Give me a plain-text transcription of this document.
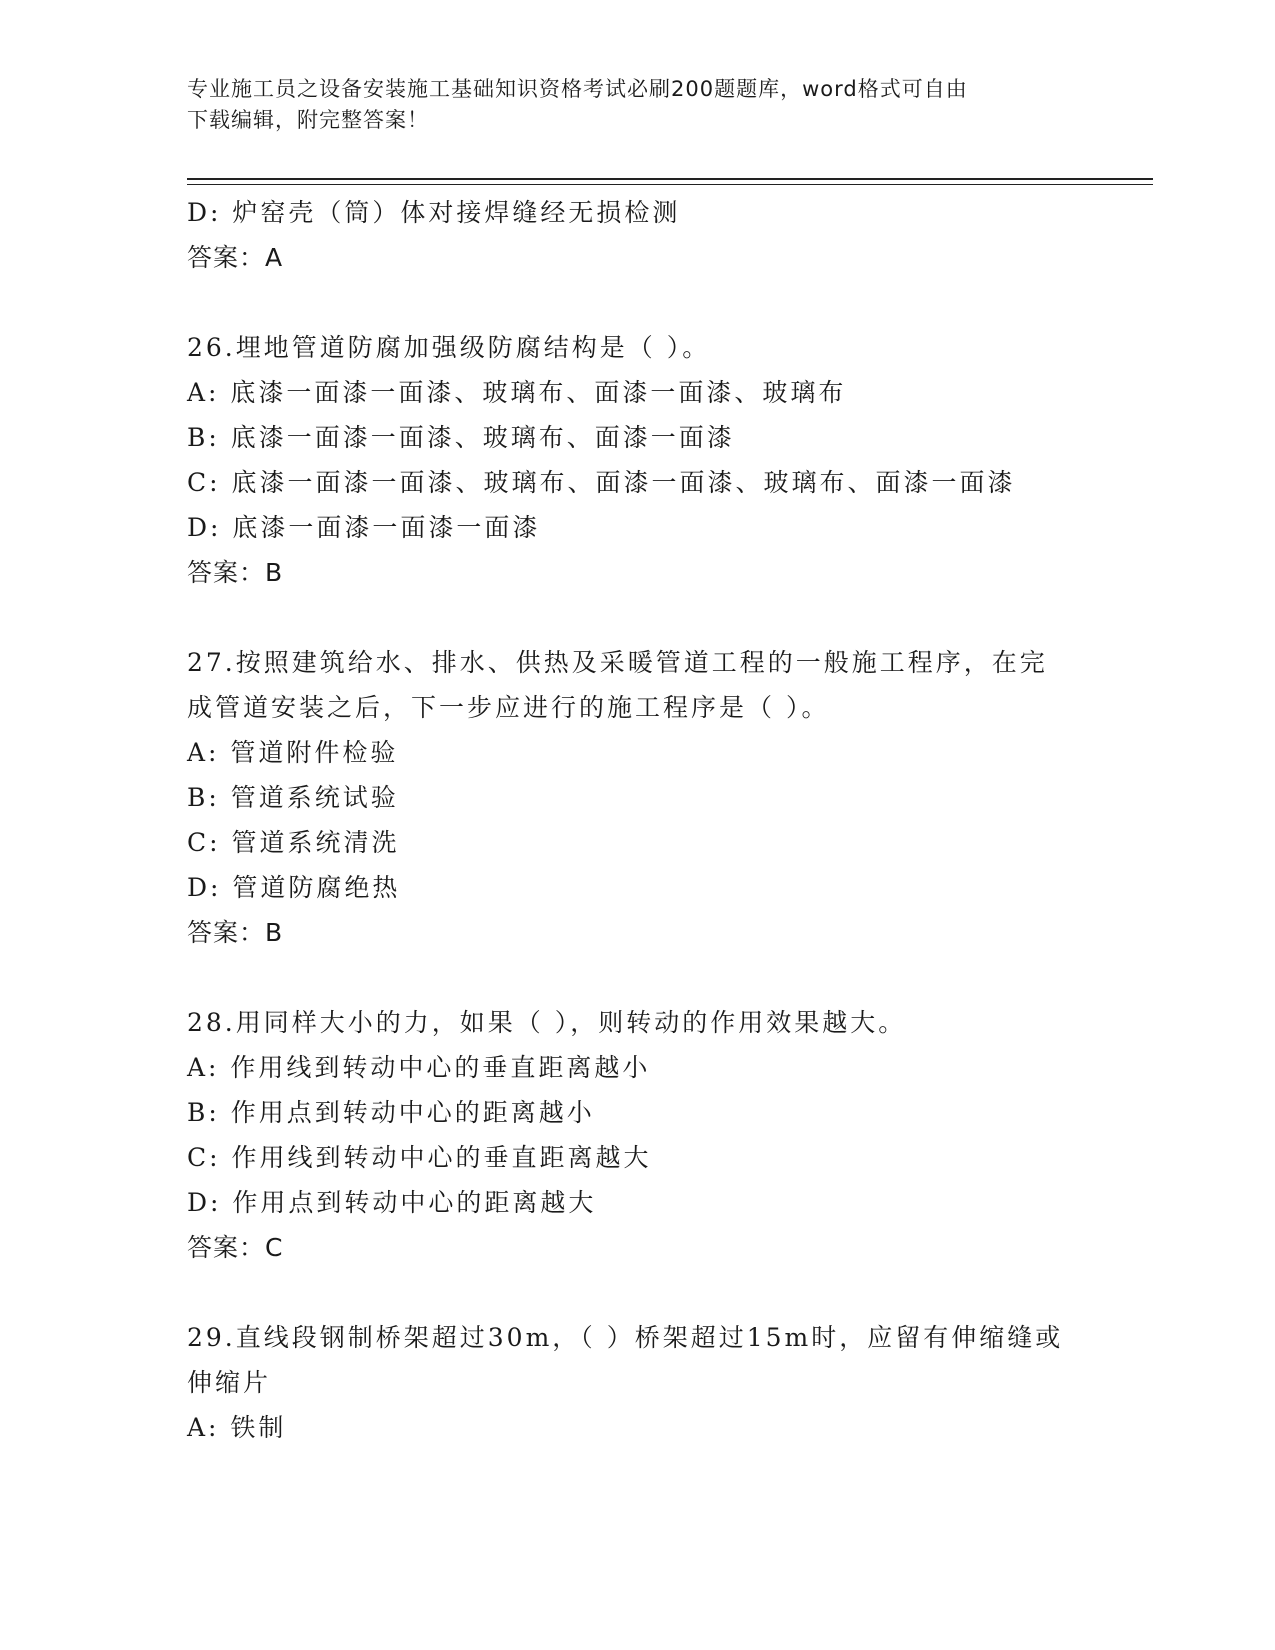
专业施工员之设备安装施工基础知识资格考试必刷200题题库，word格式可自由
下载编辑，附完整答案！
D: 炉窑壳（筒）体对接焊缝经无损检测
答案：A
26.埋地管道防腐加强级防腐结构是（ ）。
A: 底漆一面漆一面漆、玻璃布、面漆一面漆、玻璃布
B: 底漆一面漆一面漆、玻璃布、面漆一面漆
C: 底漆一面漆一面漆、玻璃布、面漆一面漆、玻璃布、面漆一面漆
D: 底漆一面漆一面漆一面漆
答案：B
27.按照建筑给水、排水、供热及采暖管道工程的一般施工程序，在完
成管道安装之后，下一步应进行的施工程序是（ ）。
A: 管道附件检验
B: 管道系统试验
C: 管道系统清洗
D: 管道防腐绝热
答案：B
28.用同样大小的力，如果（ ），则转动的作用效果越大。
A: 作用线到转动中心的垂直距离越小
B: 作用点到转动中心的距离越小
C: 作用线到转动中心的垂直距离越大
D: 作用点到转动中心的距离越大
答案：C
29.直线段钢制桥架超过30m，（ ）桥架超过15m时，应留有伸缩缝或
伸缩片
A: 铁制
